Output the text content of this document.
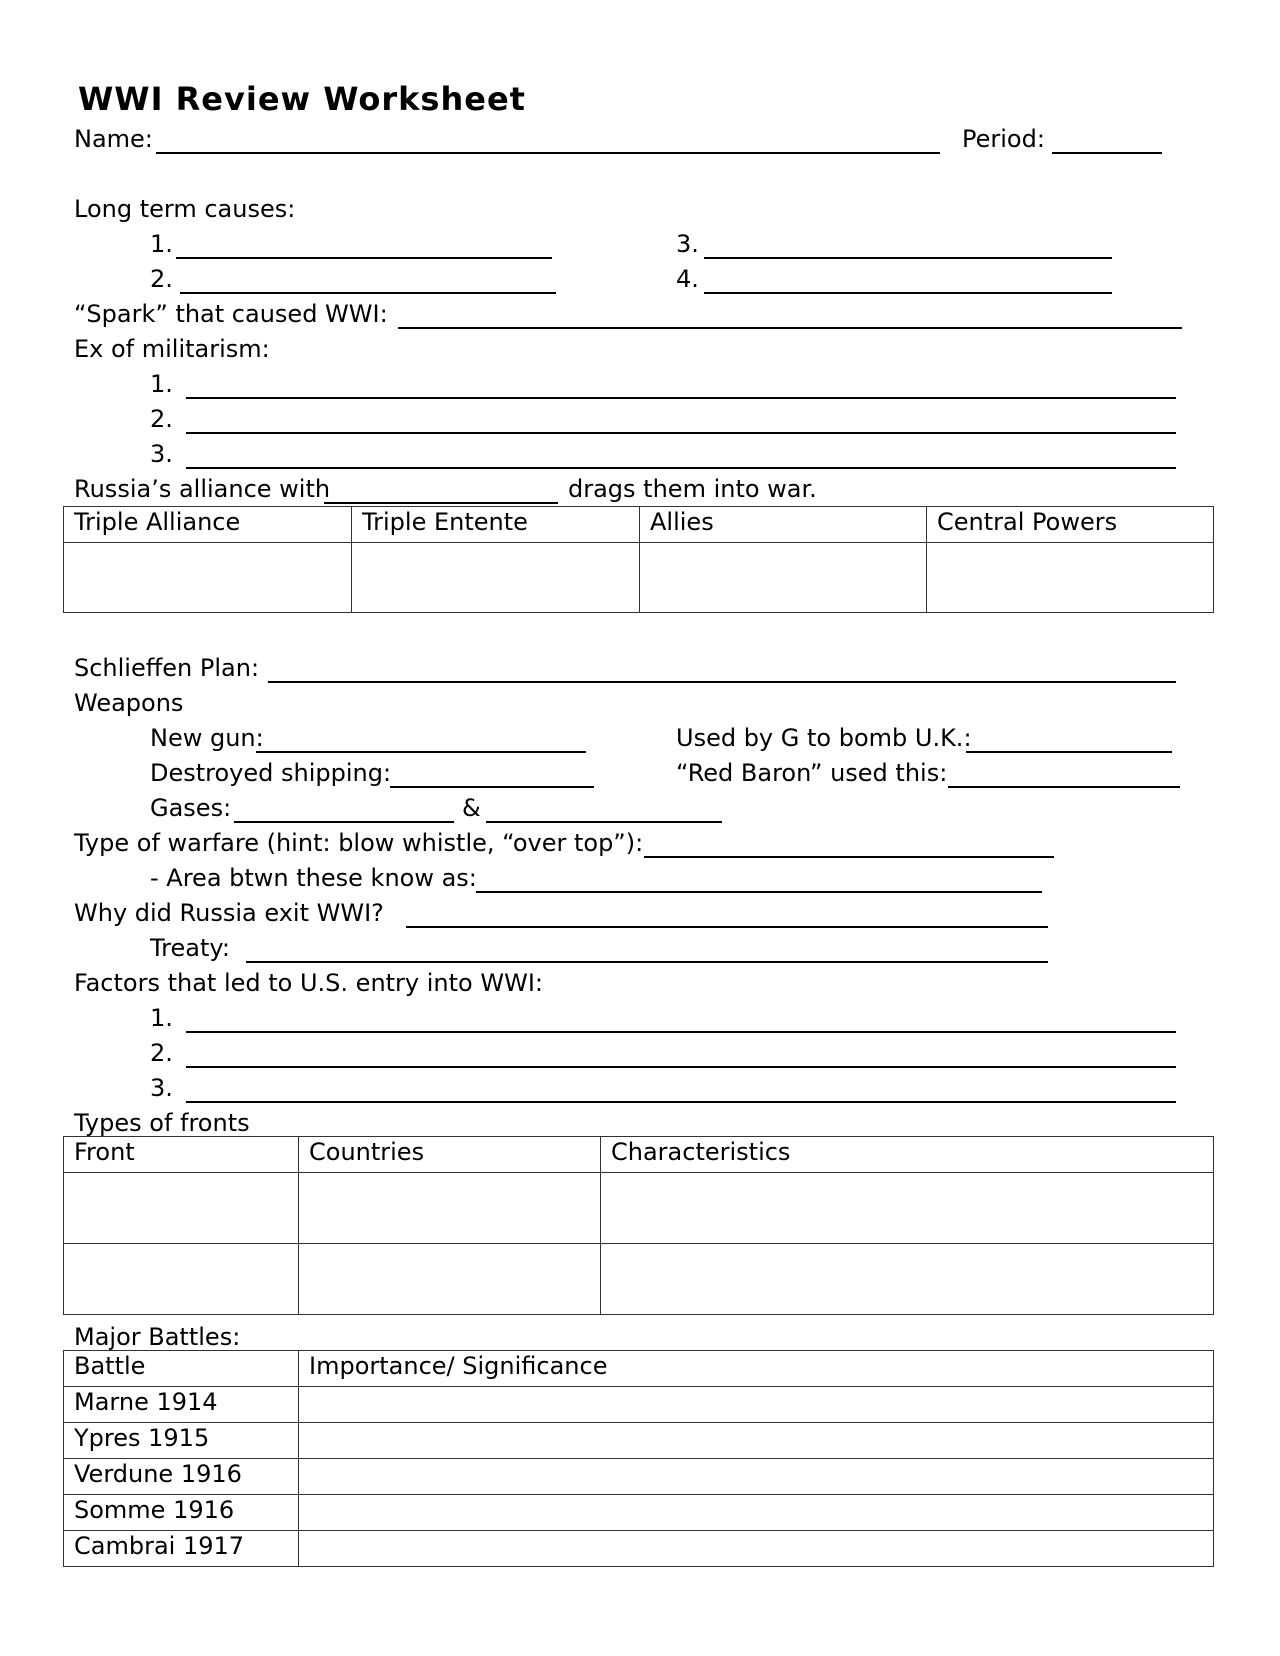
WWI Review Worksheet
Name:	Period:
Long term causes:
1.	3.
2.	4.
“Spark” that caused WWI:
Ex of militarism:
1.
2.
3.
Russia’s alliance with	drags them into war.
Triple Alliance	Triple Entente	Allies	Central Powers

Schlieffen Plan:
Weapons
New gun:	Used by G to bomb U.K.:
Destroyed shipping:	“Red Baron” used this:
Gases:	&
Type of warfare (hint: blow whistle, “over top”):
- Area btwn these know as:
Why did Russia exit WWI?
Treaty:
Factors that led to U.S. entry into WWI:
1.
2.
3.
Types of fronts
Front	Countries	Characteristics

Major Battles:
Battle	Importance/ Significance
Marne 1914	
Ypres 1915	
Verdune 1916	
Somme 1916	
Cambrai 1917	
